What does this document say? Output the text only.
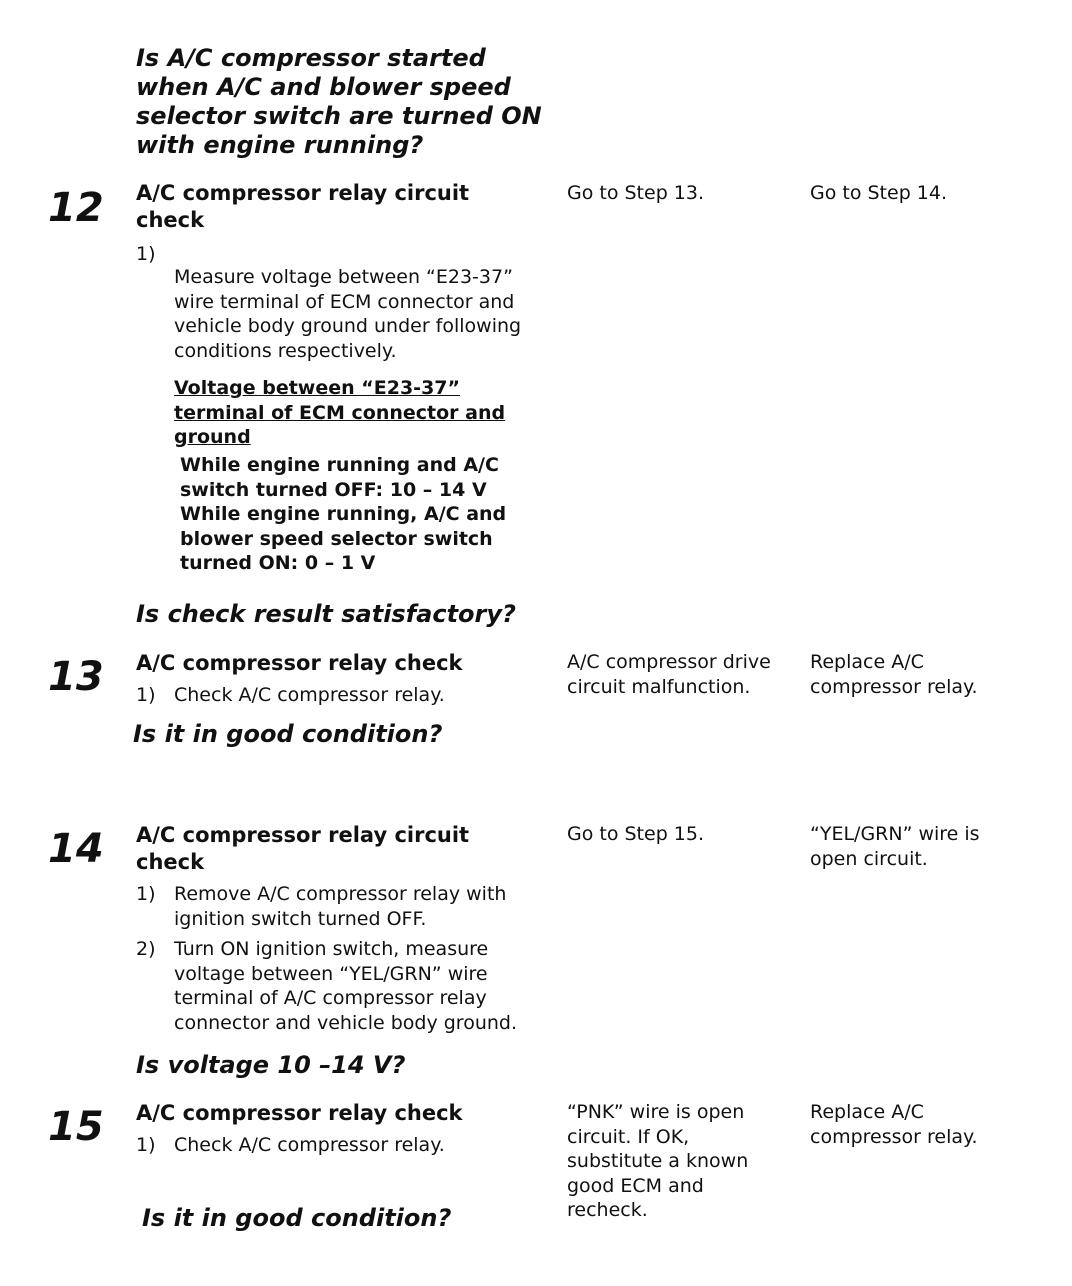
Is A/C compressor started when A/C and blower speed selector switch are turned ON with engine running?
12 A/C compressor relay circuit check
1)
Measure voltage between “E23-37” wire terminal of ECM connector and vehicle body ground under following conditions respectively.
Voltage between “E23-37” terminal of ECM connector and ground
While engine running and A/C switch turned OFF: 10 – 14 V
While engine running, A/C and blower speed selector switch turned ON: 0 – 1 V
Is check result satisfactory?
Go to Step 13.	Go to Step 14.
13 A/C compressor relay check
1) Check A/C compressor relay.
Is it in good condition?
A/C compressor drive circuit malfunction.
Replace A/C compressor relay.
14 A/C compressor relay circuit check
1) Remove A/C compressor relay with ignition switch turned OFF.
2) Turn ON ignition switch, measure voltage between “YEL/GRN” wire terminal of A/C compressor relay connector and vehicle body ground.
Is voltage 10 –14 V?
Go to Step 15.	“YEL/GRN” wire is open circuit.
15 A/C compressor relay check
1) Check A/C compressor relay.
Is it in good condition?
“PNK” wire is open circuit. If OK, substitute a known good ECM and recheck.
Replace A/C compressor relay.
